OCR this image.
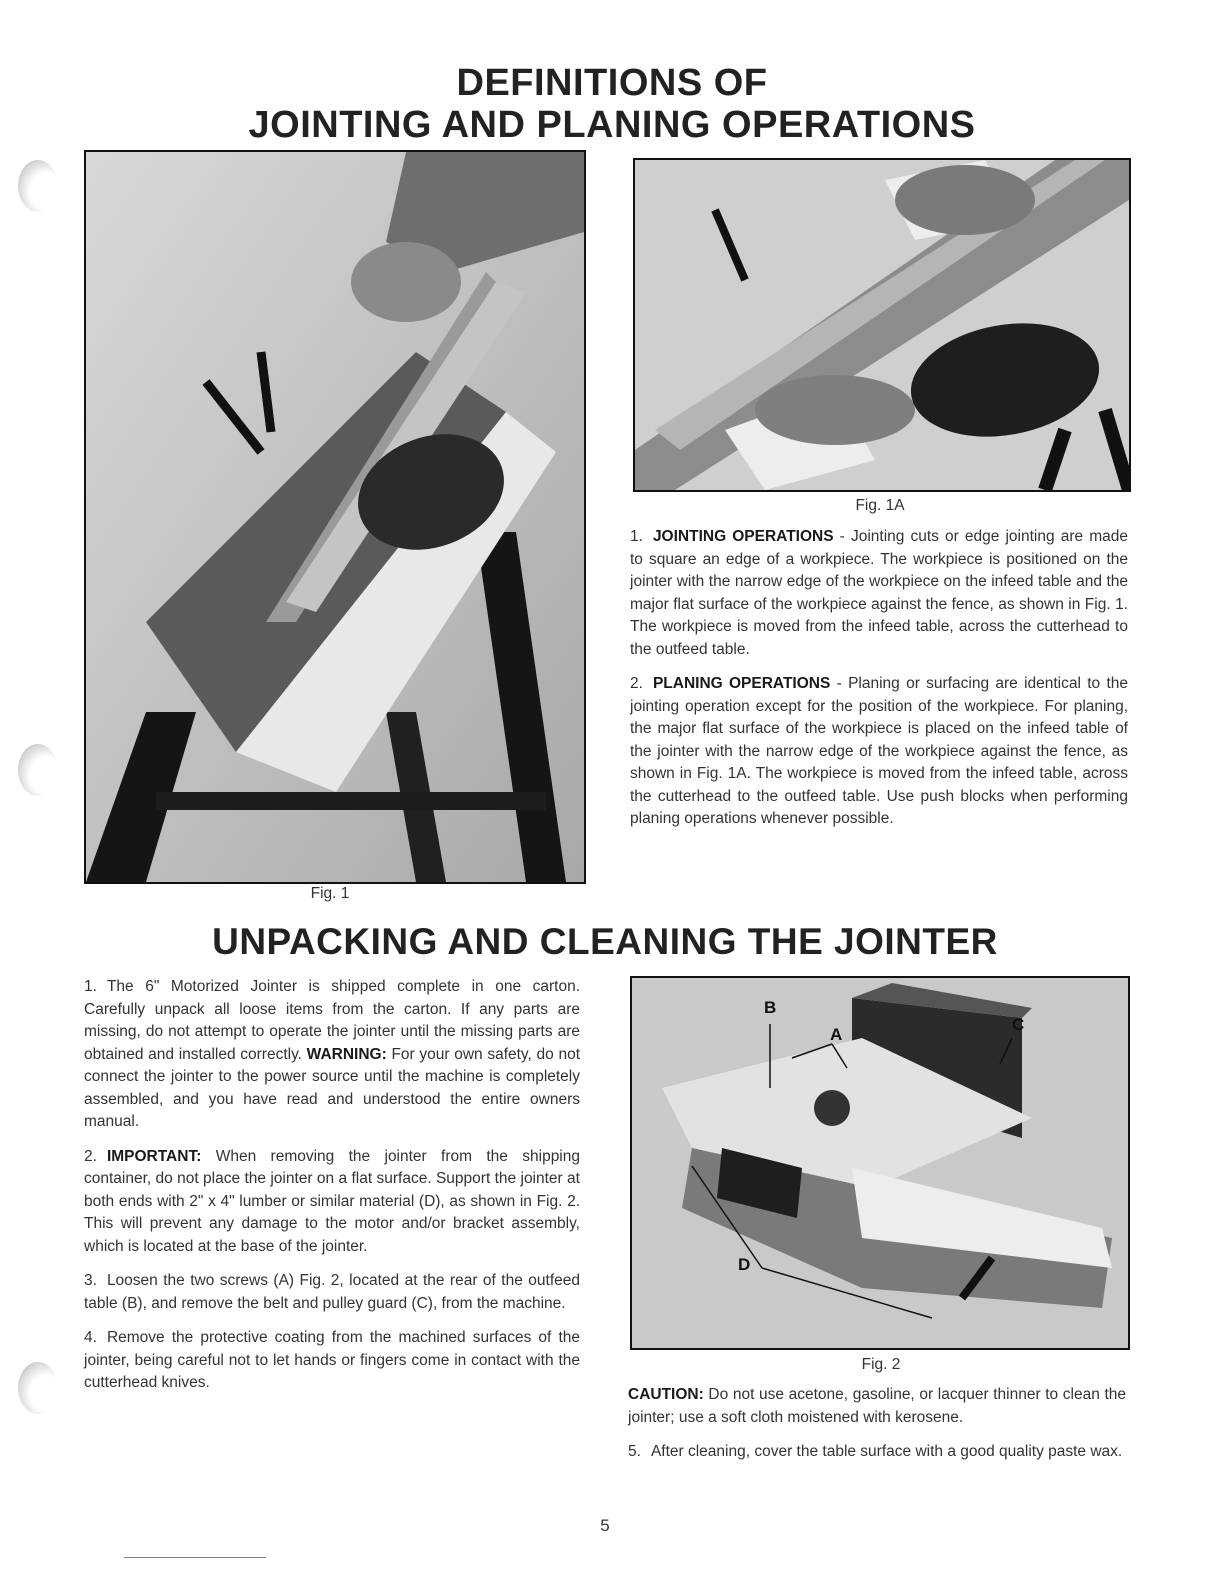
DEFINITIONS OF
JOINTING AND PLANING OPERATIONS
Fig. 1
Fig. 1A

1. JOINTING OPERATIONS - Jointing cuts or edge jointing are made to square an edge of a workpiece. The workpiece is positioned on the jointer with the narrow edge of the workpiece on the infeed table and the major flat surface of the workpiece against the fence, as shown in Fig. 1. The workpiece is moved from the infeed table, across the cutterhead to the outfeed table.

2. PLANING OPERATIONS - Planing or surfacing are identical to the jointing operation except for the position of the workpiece. For planing, the major flat surface of the workpiece is placed on the infeed table of the jointer with the narrow edge of the workpiece against the fence, as shown in Fig. 1A. The workpiece is moved from the infeed table, across the cutterhead to the outfeed table. Use push blocks when performing planing operations whenever possible.

UNPACKING AND CLEANING THE JOINTER

1. The 6" Motorized Jointer is shipped complete in one carton. Carefully unpack all loose items from the carton. If any parts are missing, do not attempt to operate the jointer until the missing parts are obtained and installed correctly. WARNING: For your own safety, do not connect the jointer to the power source until the machine is completely assembled, and you have read and understood the entire owners manual.

2. IMPORTANT: When removing the jointer from the shipping container, do not place the jointer on a flat surface. Support the jointer at both ends with 2" x 4" lumber or similar material (D), as shown in Fig. 2. This will prevent any damage to the motor and/or bracket assembly, which is located at the base of the jointer.

3. Loosen the two screws (A) Fig. 2, located at the rear of the outfeed table (B), and remove the belt and pulley guard (C), from the machine.

4. Remove the protective coating from the machined surfaces of the jointer, being careful not to let hands or fingers come in contact with the cutterhead knives.

B
A
C
D
Fig. 2

CAUTION: Do not use acetone, gasoline, or lacquer thinner to clean the jointer; use a soft cloth moistened with kerosene.

5. After cleaning, cover the table surface with a good quality paste wax.

5
